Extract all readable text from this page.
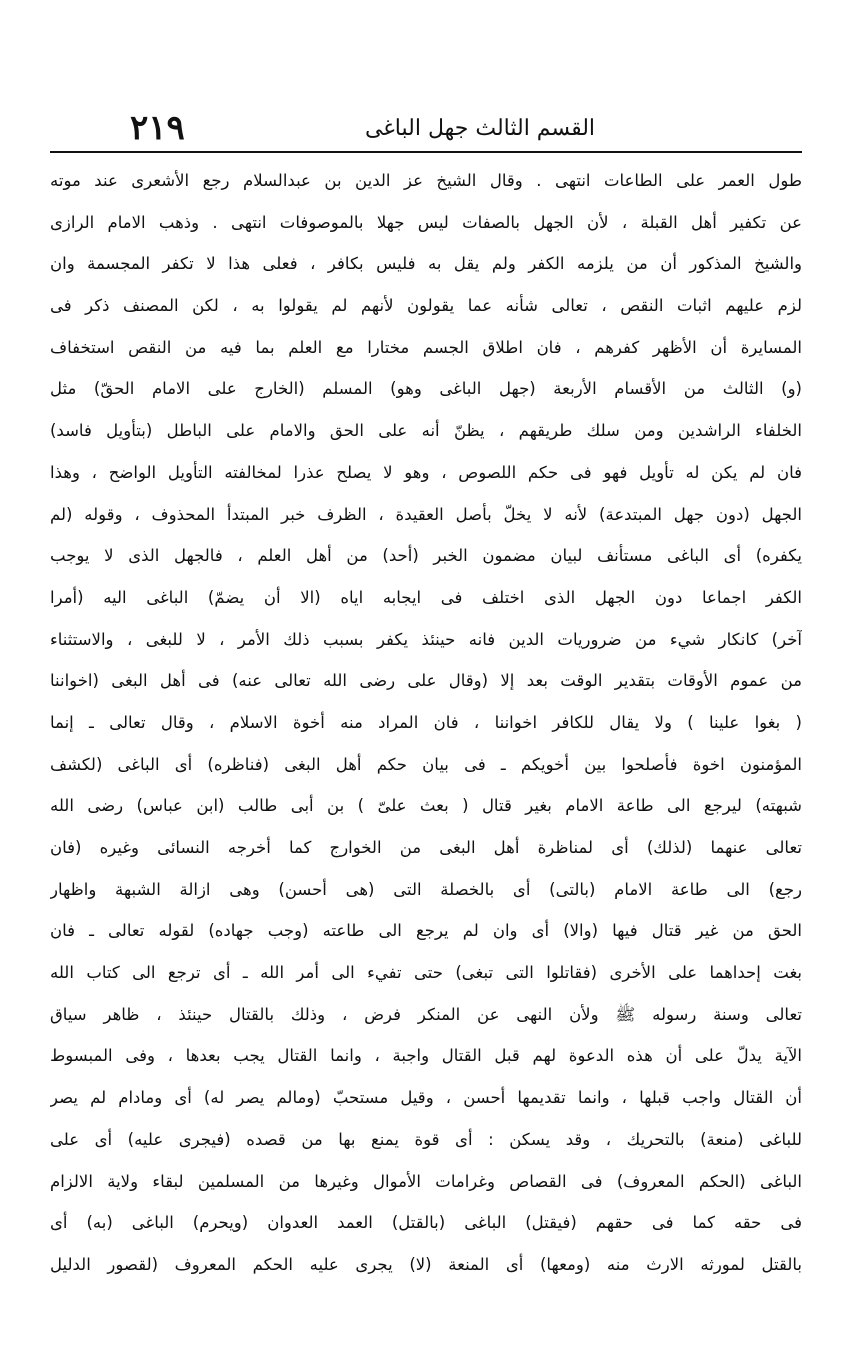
٢١٩	القسم الثالث جهل الباغى
طول العمر على الطاعات انتهى . وقال الشيخ عز الدين بن عبدالسلام رجع الأشعرى عند موته
عن تكفير أهل القبلة ، لأن الجهل بالصفات ليس جهلا بالموصوفات انتهى . وذهب الامام الرازى
والشيخ المذكور أن من يلزمه الكفر ولم يقل به فليس بكافر ، فعلى هذا لا تكفر المجسمة وان
لزم عليهم اثبات النقص ، تعالى شأنه عما يقولون لأنهم لم يقولوا به ، لكن المصنف ذكر فى
المسايرة أن الأظهر كفرهم ، فان اطلاق الجسم مختارا مع العلم بما فيه من النقص استخفاف
(و) الثالث من الأقسام الأربعة (جهل الباغى وهو) المسلم (الخارج على الامام الحقّ) مثل
الخلفاء الراشدين ومن سلك طريقهم ، يظنّ أنه على الحق والامام على الباطل (بتأويل فاسد)
فان لم يكن له تأويل فهو فى حكم اللصوص ، وهو لا يصلح عذرا لمخالفته التأويل الواضح ، وهذا
الجهل (دون جهل المبتدعة) لأنه لا يخلّ بأصل العقيدة ، الظرف خبر المبتدأ المحذوف ، وقوله (لم
يكفره) أى الباغى مستأنف لبيان مضمون الخبر (أحد) من أهل العلم ، فالجهل الذى لا يوجب
الكفر اجماعا دون الجهل الذى اختلف فى ايجابه اياه (الا أن يضمّ) الباغى اليه (أمرا
آخر) كانكار شيء من ضروريات الدين فانه حينئذ يكفر بسبب ذلك الأمر ، لا للبغى ، والاستثناء
من عموم الأوقات بتقدير الوقت بعد إلا (وقال على رضى الله تعالى عنه) فى أهل البغى (اخواننا
( بغوا علينا ) ولا يقال للكافر اخواننا ، فان المراد منه أخوة الاسلام ، وقال تعالى ـ إنما
المؤمنون اخوة فأصلحوا بين أخويكم ـ فى بيان حكم أهل البغى (فناظره) أى الباغى (لكشف
شبهته) ليرجع الى طاعة الامام بغير قتال ( بعث علىّ ) بن أبى طالب (ابن عباس) رضى الله
تعالى عنهما (لذلك) أى لمناظرة أهل البغى من الخوارج كما أخرجه النسائى وغيره (فان
رجع) الى طاعة الامام (بالتى) أى بالخصلة التى (هى أحسن) وهى ازالة الشبهة واظهار
الحق من غير قتال فيها (والا) أى وان لم يرجع الى طاعته (وجب جهاده) لقوله تعالى ـ فان
بغت إحداهما على الأخرى (فقاتلوا التى تبغى) حتى تفيء الى أمر الله ـ أى ترجع الى كتاب الله
تعالى وسنة رسوله ﷺ ولأن النهى عن المنكر فرض ، وذلك بالقتال حينئذ ، ظاهر سياق
الآية يدلّ على أن هذه الدعوة لهم قبل القتال واجبة ، وانما القتال يجب بعدها ، وفى المبسوط
أن القتال واجب قبلها ، وانما تقديمها أحسن ، وقيل مستحبّ (ومالم يصر له) أى ومادام لم يصر
للباغى (منعة) بالتحريك ، وقد يسكن : أى قوة يمنع بها من قصده (فيجرى عليه) أى على
الباغى (الحكم المعروف) فى القصاص وغرامات الأموال وغيرها من المسلمين لبقاء ولاية الالزام
فى حقه كما فى حقهم (فيقتل) الباغى (بالقتل) العمد العدوان (ويحرم) الباغى (به) أى
بالقتل لمورثه الارث منه (ومعها) أى المنعة (لا) يجرى عليه الحكم المعروف (لقصور الدليل
